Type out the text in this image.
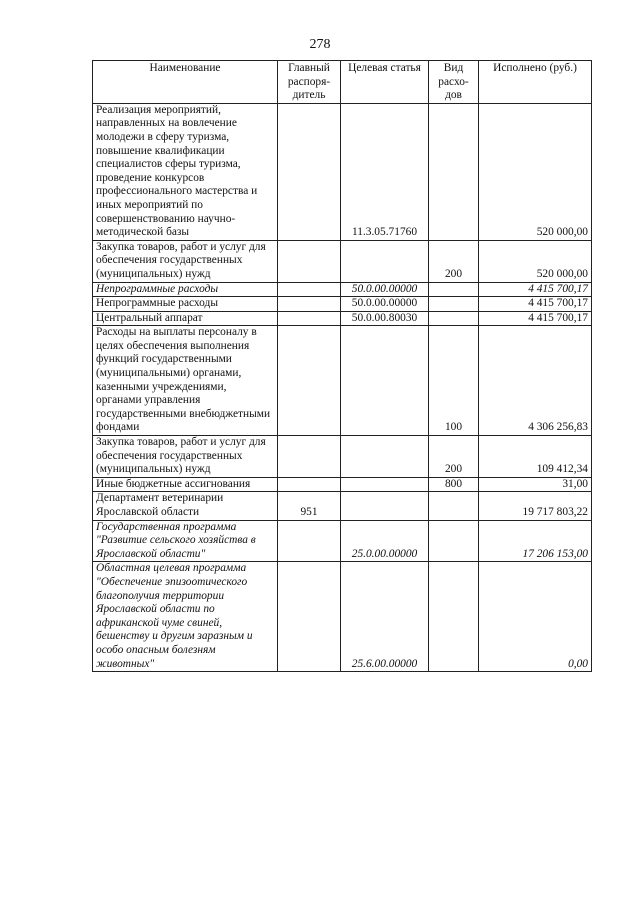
278
Наименование	Главный распоря-дитель	Целевая статья	Вид расхо-дов	Исполнено (руб.)
Реализация мероприятий, направленных на вовлечение молодежи в сферу туризма, повышение квалификации специалистов сферы туризма, проведение конкурсов профессионального мастерства и иных мероприятий по совершенствованию научно-методической базы		11.3.05.71760		520 000,00
Закупка товаров, работ и услуг для обеспечения государственных (муниципальных) нужд			200	520 000,00
Непрограммные расходы		50.0.00.00000		4 415 700,17
Непрограммные расходы		50.0.00.00000		4 415 700,17
Центральный аппарат		50.0.00.80030		4 415 700,17
Расходы на выплаты персоналу в целях обеспечения выполнения функций государственными (муниципальными) органами, казенными учреждениями, органами управления государственными внебюджетными фондами			100	4 306 256,83
Закупка товаров, работ и услуг для обеспечения государственных (муниципальных) нужд			200	109 412,34
Иные бюджетные ассигнования			800	31,00
Департамент ветеринарии Ярославской области	951			19 717 803,22
Государственная программа "Развитие сельского хозяйства в Ярославской области"		25.0.00.00000		17 206 153,00
Областная целевая программа "Обеспечение эпизоотического благополучия территории Ярославской области по африканской чуме свиней, бешенству и другим заразным и особо опасным болезням животных"		25.6.00.00000		0,00
